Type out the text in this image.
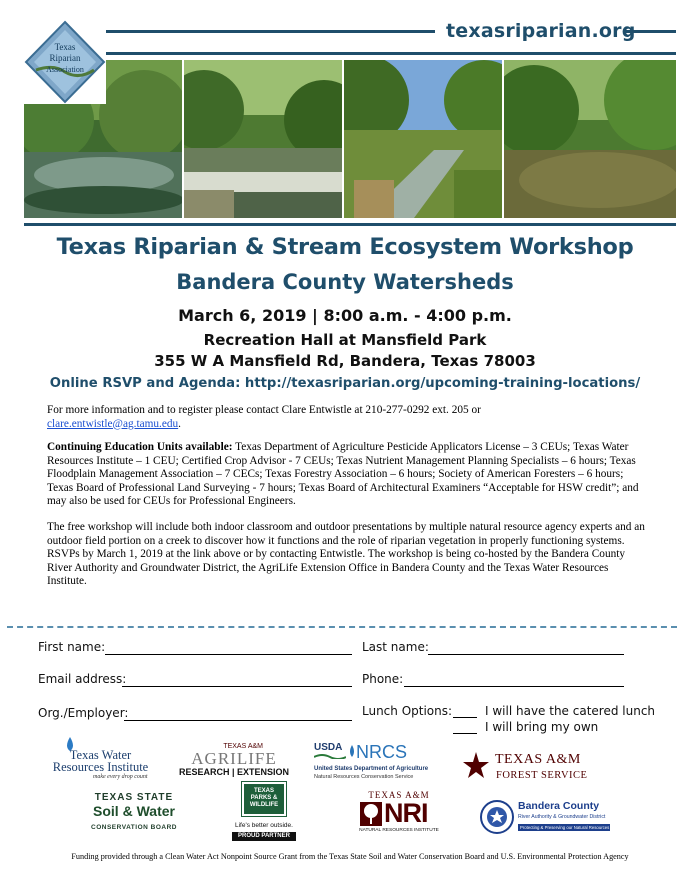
texasriparian.org
Texas
Riparian
Association
Texas Riparian & Stream Ecosystem Workshop
Bandera County Watersheds
March 6, 2019 | 8:00 a.m. - 4:00 p.m.
Recreation Hall at Mansfield Park
355 W A Mansfield Rd, Bandera, Texas 78003
Online RSVP and Agenda: http://texasriparian.org/upcoming-training-locations/
For more information and to register please contact Clare Entwistle at 210-277-0292 ext. 205 or
clare.entwistle@ag.tamu.edu.
Continuing Education Units available: Texas Department of Agriculture Pesticide Applicators License – 3 CEUs; Texas Water Resources Institute – 1 CEU; Certified Crop Advisor - 7 CEUs; Texas Nutrient Management Planning Specialists – 6 hours; Texas Floodplain Management Association – 7 CECs; Texas Forestry Association – 6 hours; Society of American Foresters – 6 hours; Texas Board of Professional Land Surveying - 7 hours; Texas Board of Architectural Examiners “Acceptable for HSW credit”; and may also be used for CEUs for Professional Engineers.
The free workshop will include both indoor classroom and outdoor presentations by multiple natural resource agency experts and an outdoor field portion on a creek to discover how it functions and the role of riparian vegetation in properly functioning systems. RSVPs by March 1, 2019 at the link above or by contacting Entwistle. The workshop is being co-hosted by the Bandera County River Authority and Groundwater District, the AgriLife Extension Office in Bandera County and the Texas Water Resources Institute.
First name:	Last name:
Email address:	Phone:
Org./Employer:	Lunch Options:	I will have the catered lunch
I will bring my own
Texas Water
Resources Institute
make every drop count
TEXAS A&M
AGRILIFE
RESEARCH | EXTENSION
USDA NRCS
United States Department of Agriculture
Natural Resources Conservation Service
TEXAS A&M
FOREST SERVICE
TEXAS STATE
Soil & Water
CONSERVATION BOARD
TEXAS
PARKS &
WILDLIFE
Life's better outside.
PROUD PARTNER
TEXAS A&M
NRI
NATURAL RESOURCES INSTITUTE
Bandera County
River Authority & Groundwater District
Protecting & Preserving our Natural Resources
Funding provided through a Clean Water Act Nonpoint Source Grant from the Texas State Soil and Water Conservation Board and U.S. Environmental Protection Agency
